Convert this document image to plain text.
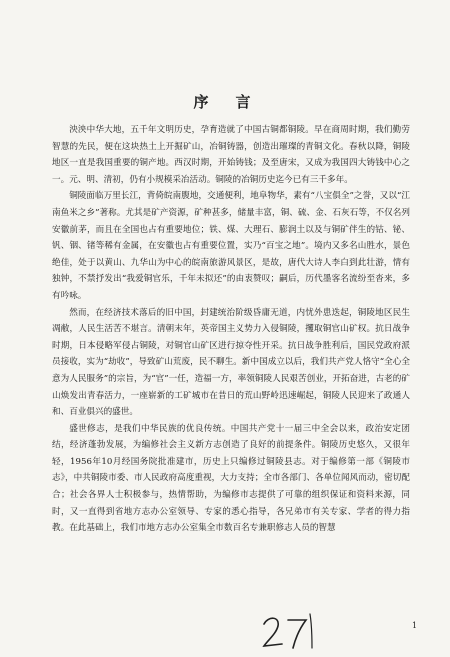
序　言

泱泱中华大地，五千年文明历史，孕育造就了中国古铜都铜陵。早在商周时期，我们勤劳智慧的先民，便在这块热土上开掘矿山，冶铜铸器，创造出璀璨的青铜文化。春秋以降，铜陵地区一直是我国重要的铜产地。西汉时期，开始铸钱；及至唐宋，又成为我国四大铸钱中心之一。元、明、清初，仍有小规模采冶活动。铜陵的冶铜历史迄今已有三千多年。

铜陵面临万里长江，背倚皖南腹地，交通便利，地阜物华，素有“八宝俱全”之誉，又以“江南鱼米之乡”著称。尤其是矿产资源，矿种甚多，储量丰富，铜、硫、金、石灰石等，不仅名列安徽前茅，而且在全国也占有重要地位；铁、煤、大理石、膨润土以及与铜矿伴生的钴、铋、钒、铟、锗等稀有金属，在安徽也占有重要位置，实乃“百宝之地”。境内又多名山胜水，景色绝佳，处于以黄山、九华山为中心的皖南旅游风景区，是故，唐代大诗人李白到此壮游，情有独钟，不禁抒发出“我爱铜官乐，千年未拟还”的由衷赞叹；嗣后，历代墨客名流纷至沓来，多有吟咏。

然而，在经济技术落后的旧中国，封建统治阶级昏庸无道，内忧外患迭起，铜陵地区民生凋敝，人民生活苦不堪言。清朝末年，英帝国主义势力入侵铜陵，攫取铜官山矿权。抗日战争时期，日本侵略军侵占铜陵，对铜官山矿区进行掠夺性开采。抗日战争胜利后，国民党政府派员接收，实为“劫收”，导致矿山荒废，民不聊生。新中国成立以后，我们共产党人恪守“全心全意为人民服务”的宗旨，为“官”一任，造福一方，率领铜陵人民艰苦创业，开拓奋进，古老的矿山焕发出青春活力，一座崭新的工矿城市在昔日的荒山野岭迅速崛起，铜陵人民迎来了政通人和、百业俱兴的盛世。

盛世修志，是我们中华民族的优良传统。中国共产党十一届三中全会以来，政治安定团结，经济蓬勃发展，为编修社会主义新方志创造了良好的前提条件。铜陵历史悠久，又很年轻，1956年10月经国务院批准建市，历史上只编修过铜陵县志。对于编修第一部《铜陵市志》，中共铜陵市委、市人民政府高度重视，大力支持；全市各部门、各单位闻风而动，密切配合；社会各界人士积极参与，热情帮助，为编修市志提供了可靠的组织保证和资料来源，同时，又一直得到省地方志办公室领导、专家的悉心指导，各兄弟市有关专家、学者的得力指教。在此基础上，我们市地方志办公室集全市数百名专兼职修志人员的智慧

1
